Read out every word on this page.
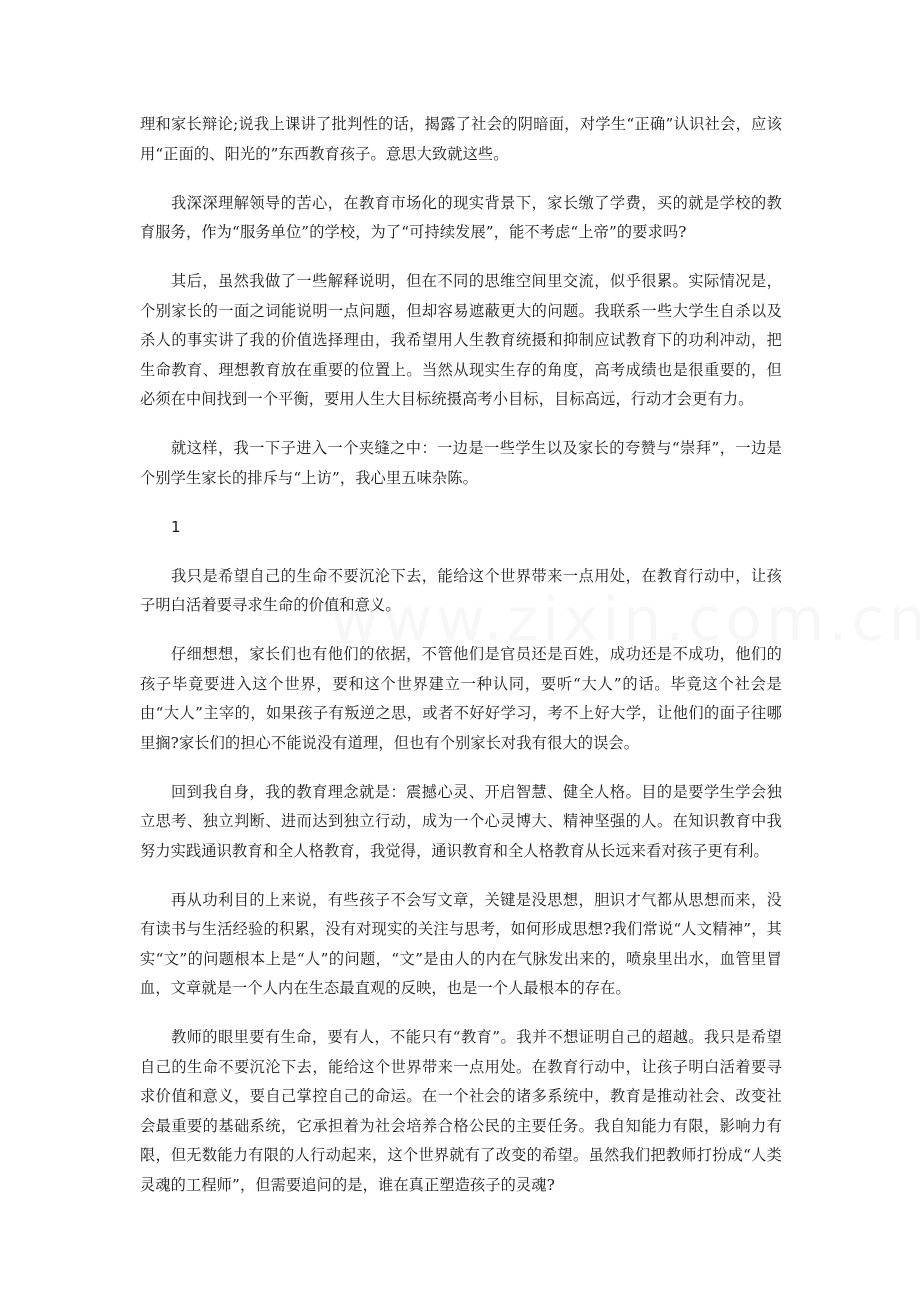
理和家长辩论;说我上课讲了批判性的话，揭露了社会的阴暗面，对学生“正确”认识社会，应该用“正面的、阳光的”东西教育孩子。意思大致就这些。

我深深理解领导的苦心，在教育市场化的现实背景下，家长缴了学费，买的就是学校的教育服务，作为“服务单位”的学校，为了“可持续发展”，能不考虑“上帝”的要求吗?

其后，虽然我做了一些解释说明，但在不同的思维空间里交流，似乎很累。实际情况是，个别家长的一面之词能说明一点问题，但却容易遮蔽更大的问题。我联系一些大学生自杀以及杀人的事实讲了我的价值选择理由，我希望用人生教育统摄和抑制应试教育下的功利冲动，把生命教育、理想教育放在重要的位置上。当然从现实生存的角度，高考成绩也是很重要的，但必须在中间找到一个平衡，要用人生大目标统摄高考小目标，目标高远，行动才会更有力。

就这样，我一下子进入一个夹缝之中：一边是一些学生以及家长的夸赞与“崇拜”，一边是个别学生家长的排斥与“上访”，我心里五味杂陈。

1

我只是希望自己的生命不要沉沦下去，能给这个世界带来一点用处，在教育行动中，让孩子明白活着要寻求生命的价值和意义。

仔细想想，家长们也有他们的依据，不管他们是官员还是百姓，成功还是不成功，他们的孩子毕竟要进入这个世界，要和这个世界建立一种认同，要听“大人”的话。毕竟这个社会是由“大人”主宰的，如果孩子有叛逆之思，或者不好好学习，考不上好大学，让他们的面子往哪里搁?家长们的担心不能说没有道理，但也有个别家长对我有很大的误会。

回到我自身，我的教育理念就是：震撼心灵、开启智慧、健全人格。目的是要学生学会独立思考、独立判断、进而达到独立行动，成为一个心灵博大、精神坚强的人。在知识教育中我努力实践通识教育和全人格教育，我觉得，通识教育和全人格教育从长远来看对孩子更有利。

再从功利目的上来说，有些孩子不会写文章，关键是没思想，胆识才气都从思想而来，没有读书与生活经验的积累，没有对现实的关注与思考，如何形成思想?我们常说“人文精神”，其实“文”的问题根本上是“人”的问题，“文”是由人的内在气脉发出来的，喷泉里出水，血管里冒血，文章就是一个人内在生态最直观的反映，也是一个人最根本的存在。

教师的眼里要有生命，要有人，不能只有“教育”。我并不想证明自己的超越。我只是希望自己的生命不要沉沦下去，能给这个世界带来一点用处。在教育行动中，让孩子明白活着要寻求价值和意义，要自己掌控自己的命运。在一个社会的诸多系统中，教育是推动社会、改变社会最重要的基础系统，它承担着为社会培养合格公民的主要任务。我自知能力有限，影响力有限，但无数能力有限的人行动起来，这个世界就有了改变的希望。虽然我们把教师打扮成“人类灵魂的工程师”，但需要追问的是，谁在真正塑造孩子的灵魂?
